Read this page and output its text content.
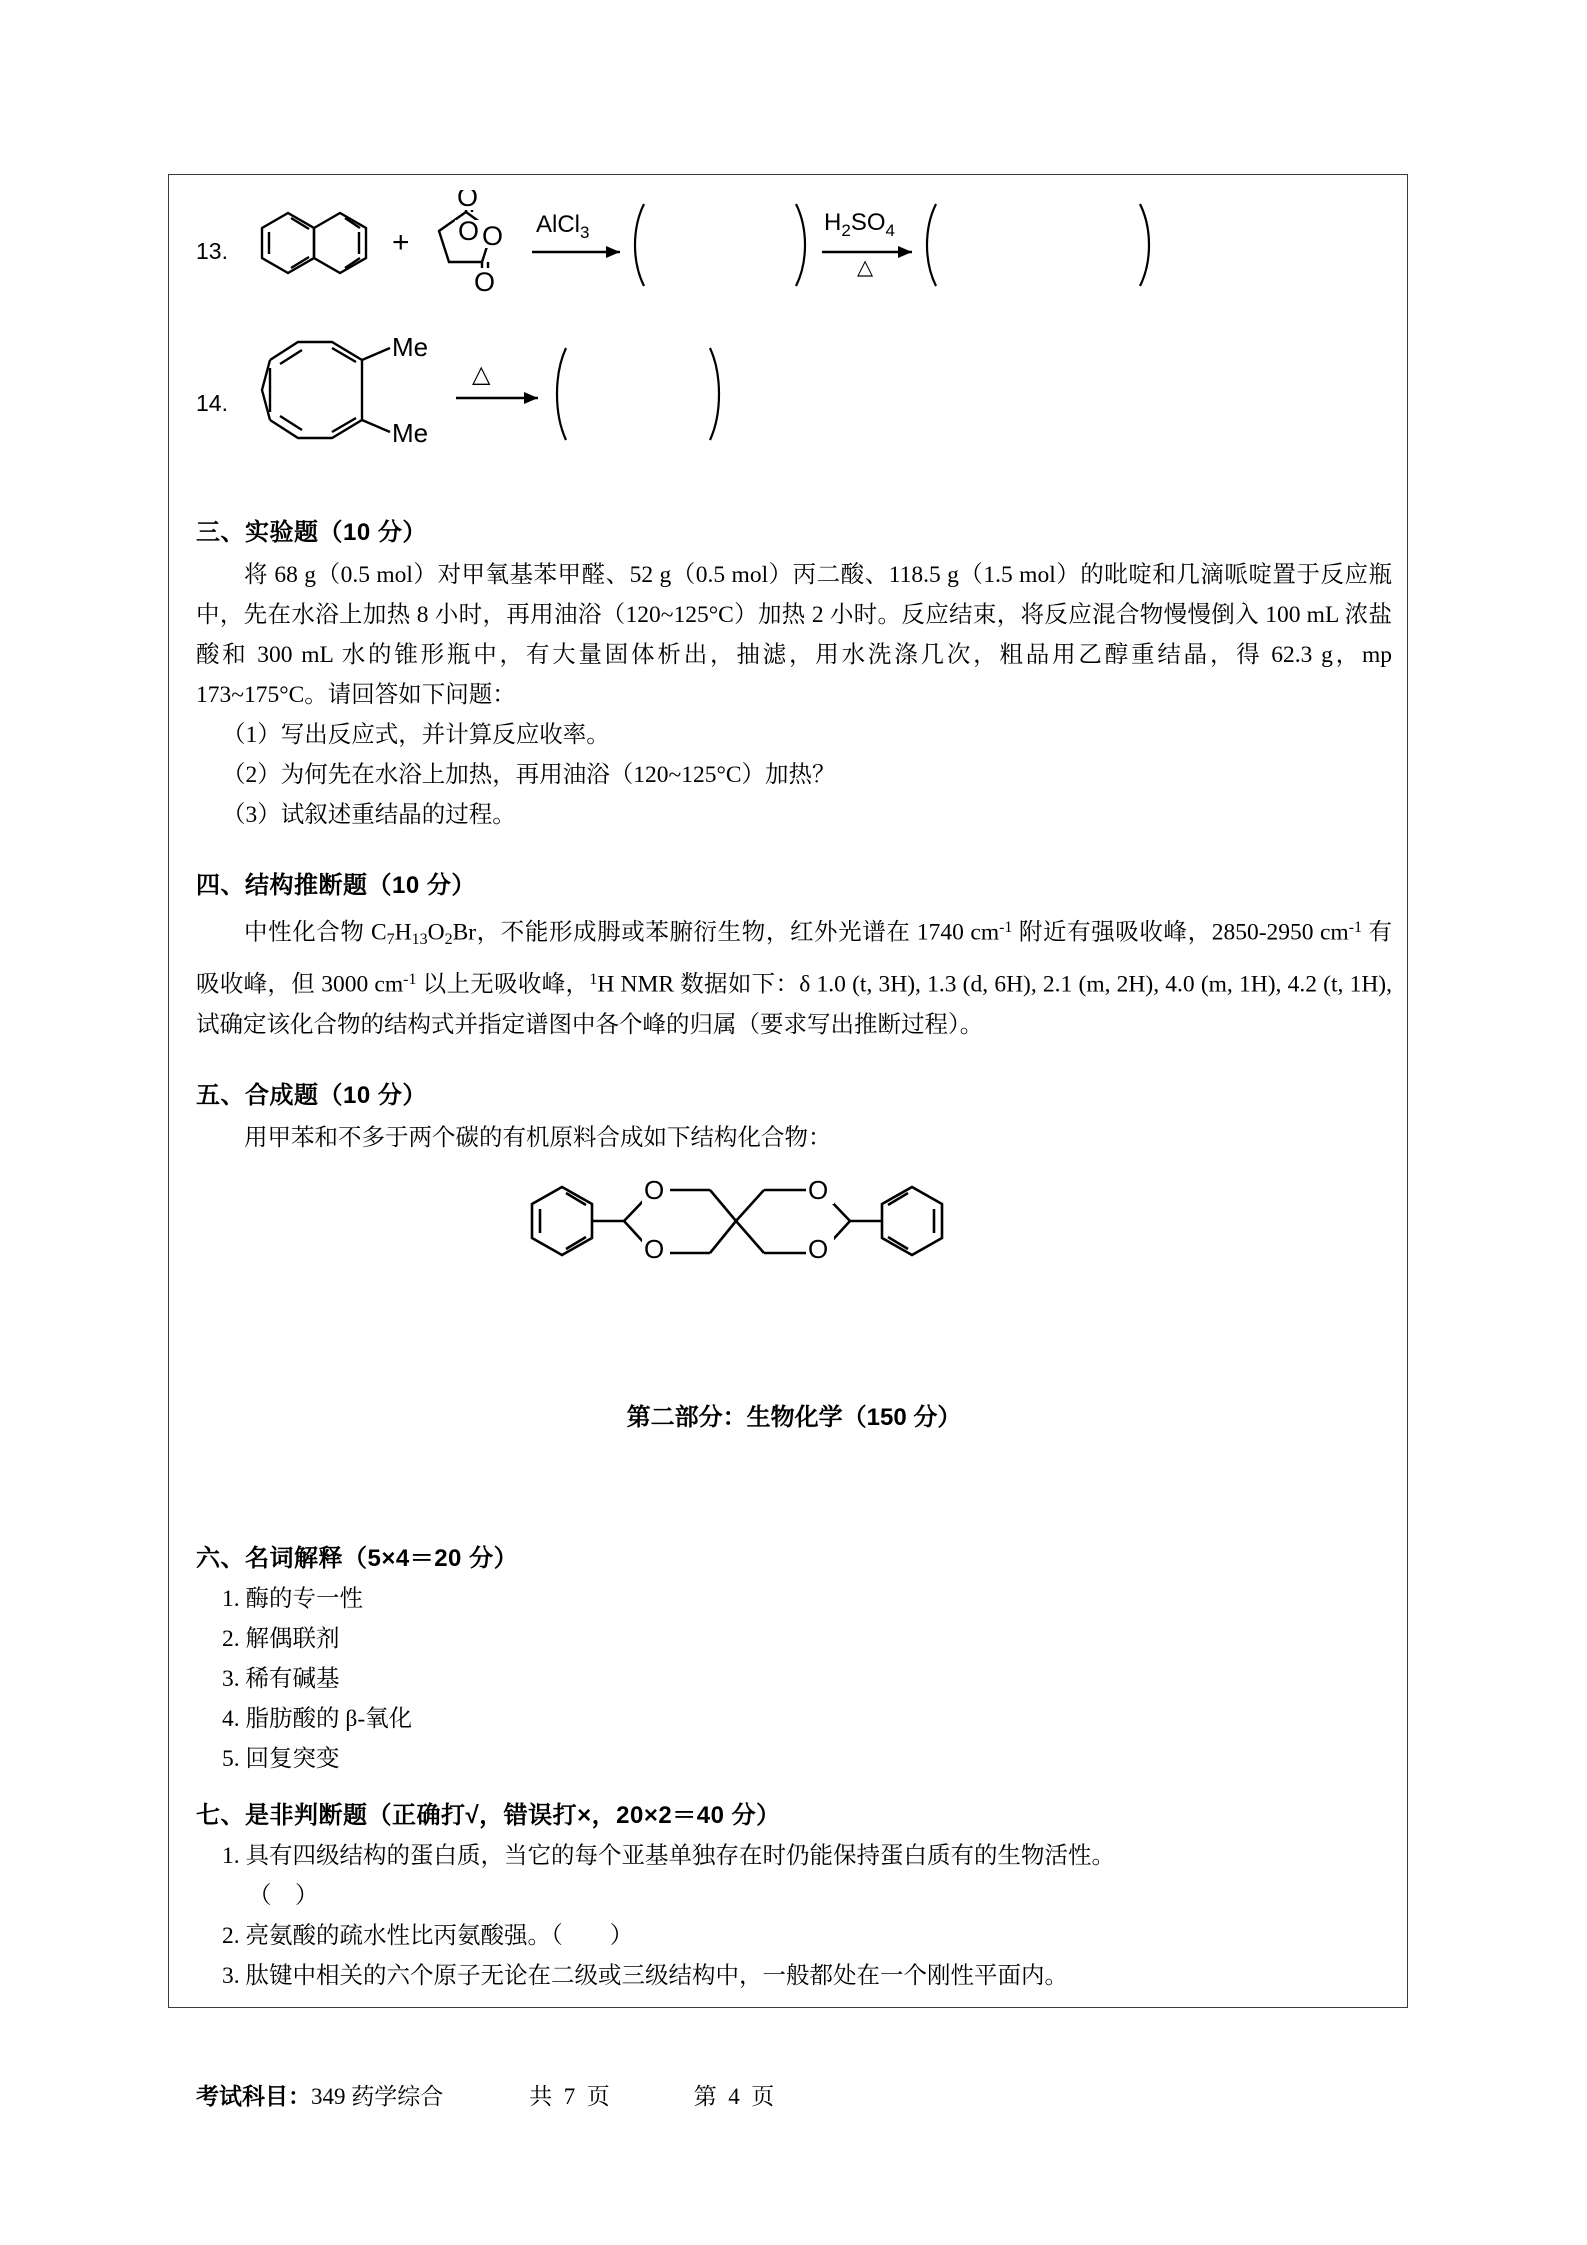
13.	+ O O
O
O
AlCl$_3$	$H_2SO_4$
△
14.
Me
Me
△
三、实验题（10 分）

将 68 g（0.5 mol）对甲氧基苯甲醛、52 g（0.5 mol）丙二酸、118.5 g（1.5 mol）的吡啶和几滴哌啶置于反应瓶中，先在水浴上加热 8 小时，再用油浴（120~125°C）加热 2 小时。反应结束，将反应混合物慢慢倒入 100 mL 浓盐酸和 300 mL 水的锥形瓶中，有大量固体析出，抽滤，用水洗涤几次，粗品用乙醇重结晶，得 62.3 g，mp 173~175°C。请回答如下问题：

（1）写出反应式，并计算反应收率。

（2）为何先在水浴上加热，再用油浴（120~125°C）加热？

（3）试叙述重结晶的过程。

四、结构推断题（10 分）

中性化合物 $C_7H_{13}O_2Br$，不能形成胟或苯腑衍生物，红外光谱在 1740 $cm^{-1}$ 附近有强吸收峰，2850-2950 $cm^{-1}$ 有吸收峰，但 3000 $cm^{-1}$ 以上无吸收峰，$^1$H NMR 数据如下：δ 1.0 (t, 3H), 1.3 (d, 6H), 2.1 (m, 2H), 4.0 (m, 1H), 4.2 (t, 1H), 试确定该化合物的结构式并指定谱图中各个峰的归属（要求写出推断过程）。

五、合成题（10 分）

用甲苯和不多于两个碳的有机原料合成如下结构化合物：

O
O
O
O

第二部分：生物化学（150 分）

六、名词解释（5×4＝20 分）

1. 酶的专一性

2. 解偶联剂

3. 稀有碱基

4. 脂肪酸的 β-氧化

5. 回复突变

七、是非判断题（正确打√，错误打×，20×2＝40 分）

1. 具有四级结构的蛋白质，当它的每个亚基单独存在时仍能保持蛋白质有的生物活性。

（　）

2. 亮氨酸的疏水性比丙氨酸强。（　　）

3. 肽键中相关的六个原子无论在二级或三级结构中，一般都处在一个刚性平面内。

考试科目：349 药学综合	共 7 页	第 4 页
